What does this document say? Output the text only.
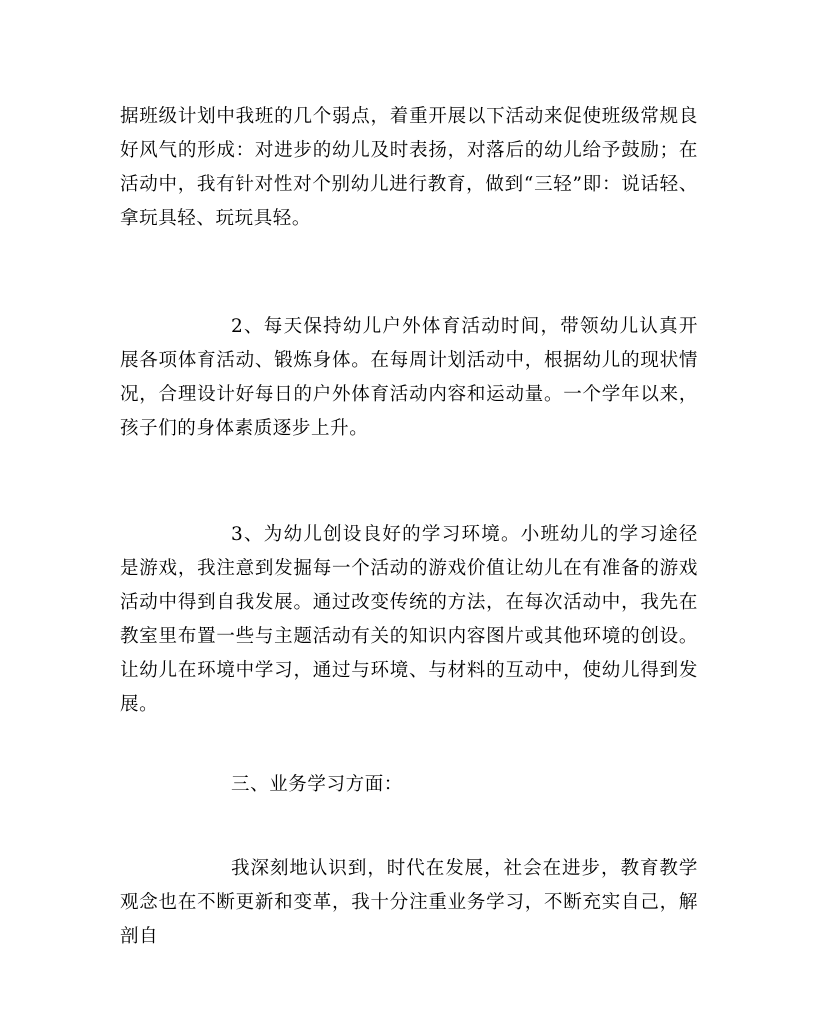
据班级计划中我班的几个弱点，着重开展以下活动来促使班级常规良好风气的形成：对进步的幼儿及时表扬，对落后的幼儿给予鼓励；在活动中，我有针对性对个别幼儿进行教育，做到“三轻”即：说话轻、拿玩具轻、玩玩具轻。

2、每天保持幼儿户外体育活动时间，带领幼儿认真开展各项体育活动、锻炼身体。在每周计划活动中，根据幼儿的现状情况，合理设计好每日的户外体育活动内容和运动量。一个学年以来，孩子们的身体素质逐步上升。

3、为幼儿创设良好的学习环境。小班幼儿的学习途径是游戏，我注意到发掘每一个活动的游戏价值让幼儿在有准备的游戏活动中得到自我发展。通过改变传统的方法，在每次活动中，我先在教室里布置一些与主题活动有关的知识内容图片或其他环境的创设。让幼儿在环境中学习，通过与环境、与材料的互动中，使幼儿得到发展。

三、业务学习方面：

我深刻地认识到，时代在发展，社会在进步，教育教学观念也在不断更新和变革，我十分注重业务学习，不断充实自己，解剖自
